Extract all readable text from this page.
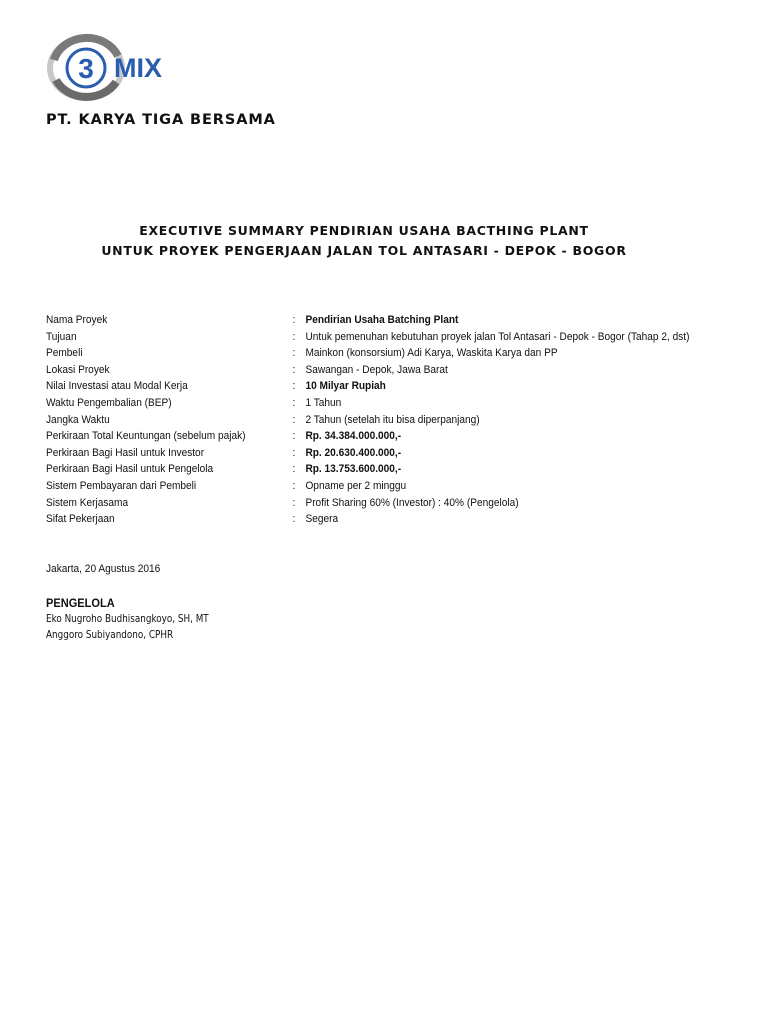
3 MIX
PT. KARYA TIGA BERSAMA
EXECUTIVE SUMMARY PENDIRIAN USAHA BACTHING PLANT
UNTUK PROYEK PENGERJAAN JALAN TOL ANTASARI - DEPOK - BOGOR
Nama Proyek	: Pendirian Usaha Batching Plant
Tujuan	: Untuk pemenuhan kebutuhan proyek jalan Tol Antasari - Depok - Bogor (Tahap 2, dst)
Pembeli	: Mainkon (konsorsium) Adi Karya, Waskita Karya dan PP
Lokasi Proyek	: Sawangan - Depok, Jawa Barat
Nilai Investasi atau Modal Kerja	: 10 Milyar Rupiah
Waktu Pengembalian (BEP)	: 1 Tahun
Jangka Waktu	: 2 Tahun (setelah itu bisa diperpanjang)
Perkiraan Total Keuntungan (sebelum pajak)	: Rp. 34.384.000.000,-
Perkiraan Bagi Hasil untuk Investor	: Rp. 20.630.400.000,-
Perkiraan Bagi Hasil untuk Pengelola	: Rp. 13.753.600.000,-
Sistem Pembayaran dari Pembeli	: Opname per 2 minggu
Sistem Kerjasama	: Profit Sharing 60% (Investor) : 40% (Pengelola)
Sifat Pekerjaan	: Segera
Jakarta, 20 Agustus 2016
PENGELOLA
Eko Nugroho Budhisangkoyo, SH, MT
Anggoro Subiyandono, CPHR
